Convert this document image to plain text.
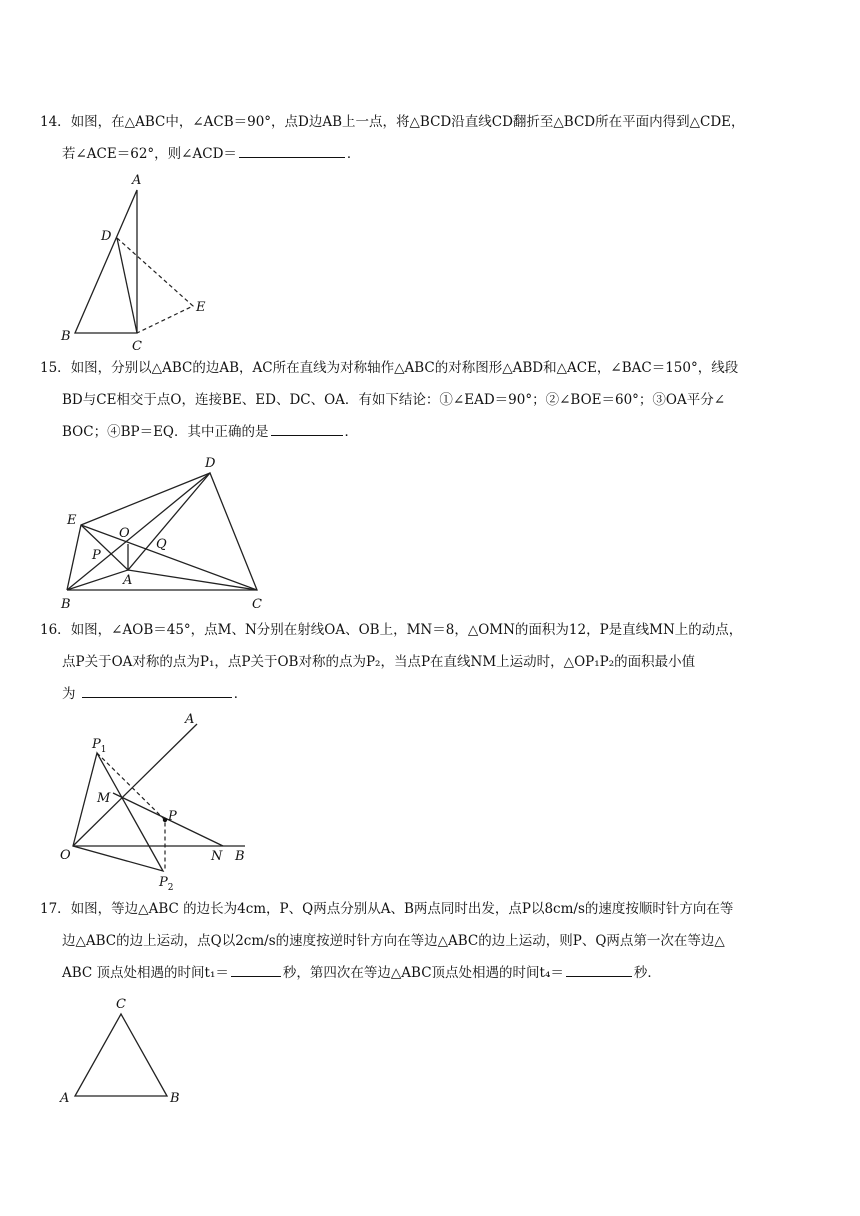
14．如图，在△ABC中，∠ACB＝90°，点D边AB上一点，将△BCD沿直线CD翻折至△BCD所在平面内得到△CDE，

若∠ACE＝62°，则∠ACD＝	．

A
D
E
B
C

15．如图，分别以△ABC的边AB，AC所在直线为对称轴作△ABC的对称图形△ABD和△ACE，∠BAC＝150°，线段

BD与CE相交于点O，连接BE、ED、DC、OA．有如下结论：①∠EAD＝90°；②∠BOE＝60°；③OA平分∠

BOC；④BP＝EQ．其中正确的是	．

D
E
O
P
Q
A
B	C

16．如图，∠AOB＝45°，点M、N分别在射线OA、OB上，MN＝8，△OMN的面积为12，P是直线MN上的动点，

点P关于OA对称的点为P₁，点P关于OB对称的点为P₂，当点P在直线NM上运动时，△OP₁P₂的面积最小值

为	．

A
$P_1$
M
P
O	N B
$P_2$

17．如图，等边△ABC 的边长为4cm，P、Q两点分别从A、B两点同时出发，点P以8cm/s的速度按顺时针方向在等

边△ABC的边上运动，点Q以2cm/s的速度按逆时针方向在等边△ABC的边上运动，则P、Q两点第一次在等边△

ABC 顶点处相遇的时间t₁＝	秒，第四次在等边△ABC顶点处相遇的时间t₄＝	秒．

C
A	B
